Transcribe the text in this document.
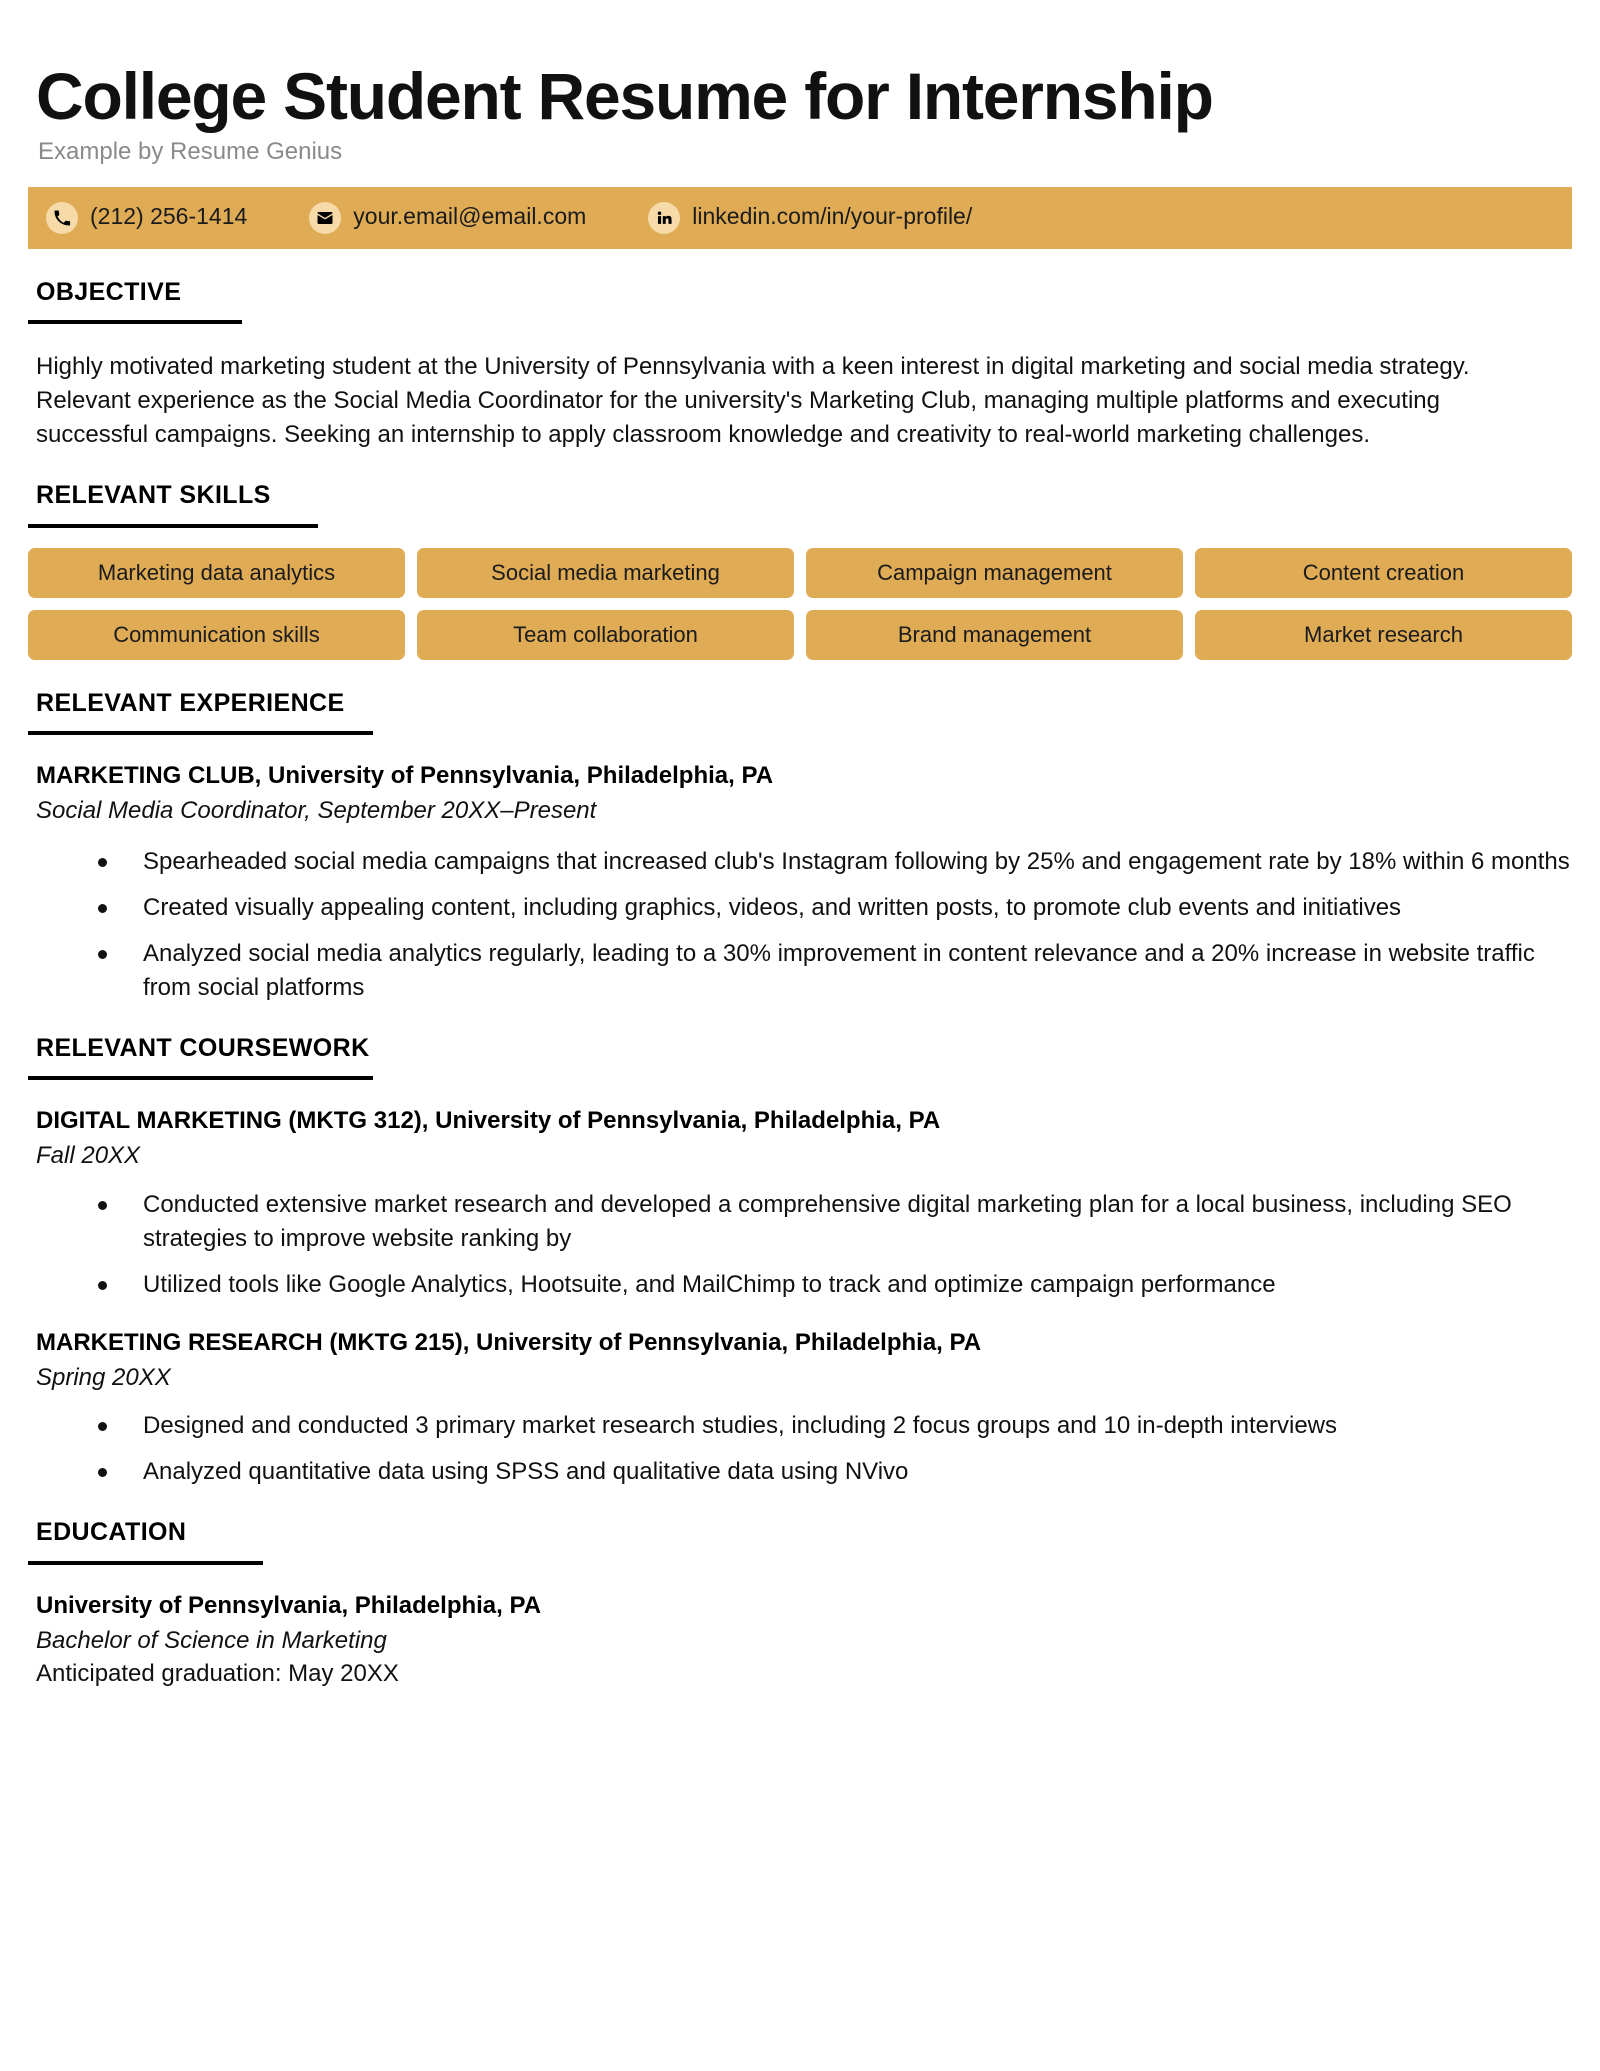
College Student Resume for Internship
Example by Resume Genius
(212) 256-1414	your.email@email.com	linkedin.com/in/your-profile/
OBJECTIVE

Highly motivated marketing student at the University of Pennsylvania with a keen interest in digital marketing and social media strategy. Relevant experience as the Social Media Coordinator for the university's Marketing Club, managing multiple platforms and executing successful campaigns. Seeking an internship to apply classroom knowledge and creativity to real-world marketing challenges.

RELEVANT SKILLS
Marketing data analytics	Social media marketing	Campaign management	Content creation
Communication skills	Team collaboration	Brand management	Market research
RELEVANT EXPERIENCE
MARKETING CLUB, University of Pennsylvania, Philadelphia, PA
Social Media Coordinator, September 20XX–Present
Spearheaded social media campaigns that increased club's Instagram following by 25% and engagement rate by 18% within 6 months
Created visually appealing content, including graphics, videos, and written posts, to promote club events and initiatives
Analyzed social media analytics regularly, leading to a 30% improvement in content relevance and a 20% increase in website traffic from social platforms
RELEVANT COURSEWORK
DIGITAL MARKETING (MKTG 312), University of Pennsylvania, Philadelphia, PA
Fall 20XX
Conducted extensive market research and developed a comprehensive digital marketing plan for a local business, including SEO strategies to improve website ranking by
Utilized tools like Google Analytics, Hootsuite, and MailChimp to track and optimize campaign performance
MARKETING RESEARCH (MKTG 215), University of Pennsylvania, Philadelphia, PA
Spring 20XX
Designed and conducted 3 primary market research studies, including 2 focus groups and 10 in-depth interviews
Analyzed quantitative data using SPSS and qualitative data using NVivo
EDUCATION
University of Pennsylvania, Philadelphia, PA
Bachelor of Science in Marketing
Anticipated graduation: May 20XX
